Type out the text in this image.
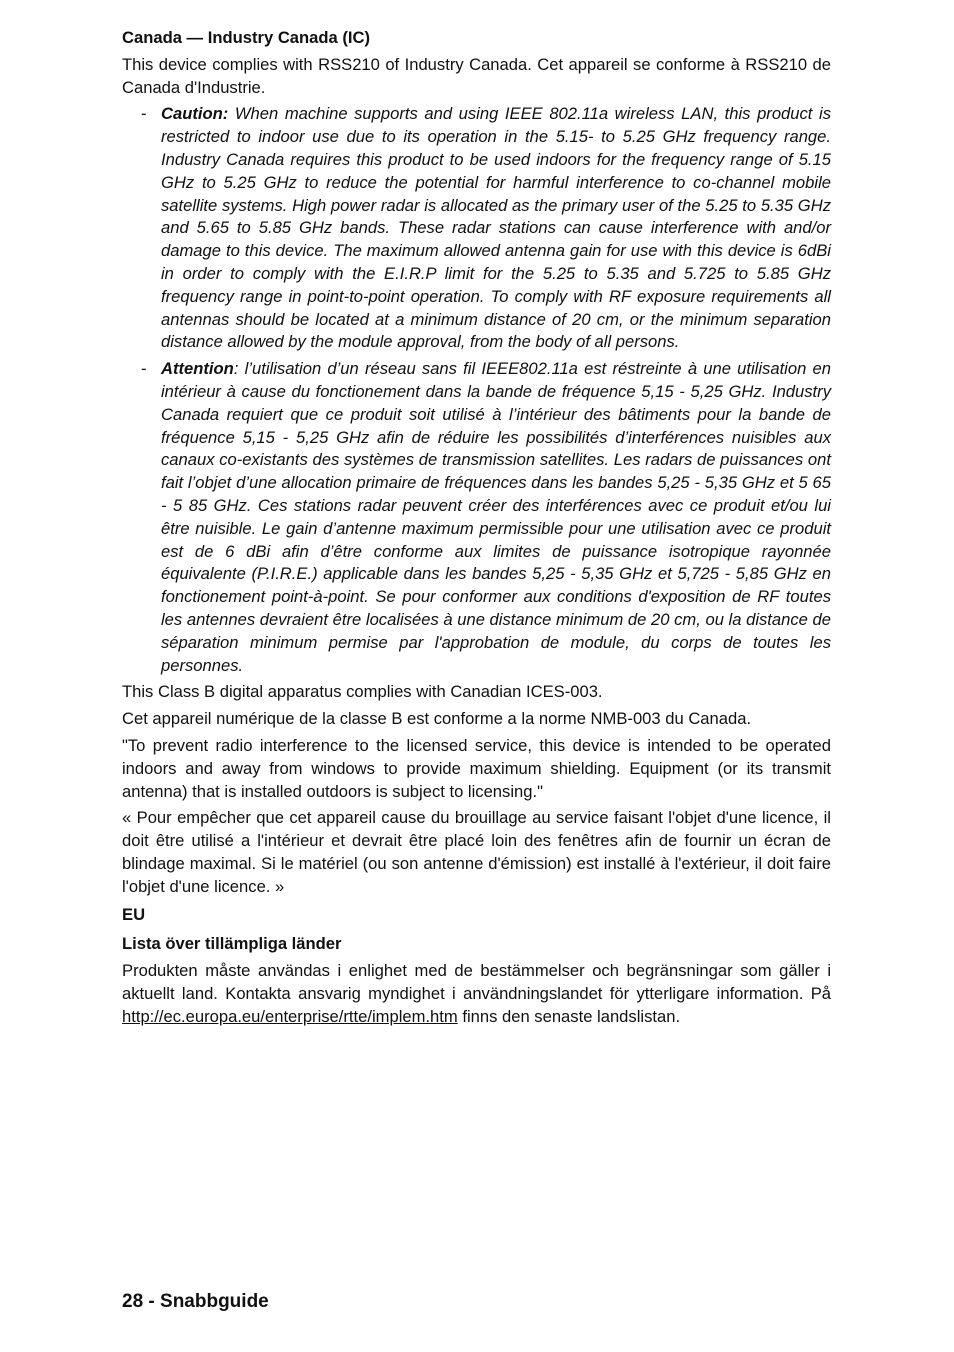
Canada — Industry Canada (IC)

This device complies with RSS210 of Industry Canada. Cet appareil se conforme à RSS210 de Canada d'Industrie.

- Caution: When machine supports and using IEEE 802.11a wireless LAN, this product is restricted to indoor use due to its operation in the 5.15- to 5.25 GHz frequency range. Industry Canada requires this product to be used indoors for the frequency range of 5.15 GHz to 5.25 GHz to reduce the potential for harmful interference to co-channel mobile satellite systems. High power radar is allocated as the primary user of the 5.25 to 5.35 GHz and 5.65 to 5.85 GHz bands. These radar stations can cause interference with and/or damage to this device. The maximum allowed antenna gain for use with this device is 6dBi in order to comply with the E.I.R.P limit for the 5.25 to 5.35 and 5.725 to 5.85 GHz frequency range in point-to-point operation. To comply with RF exposure requirements all antennas should be located at a minimum distance of 20 cm, or the minimum separation distance allowed by the module approval, from the body of all persons.
- Attention: l’utilisation d’un réseau sans fil IEEE802.11a est réstreinte à une utilisation en intérieur à cause du fonctionement dans la bande de fréquence 5,15 - 5,25 GHz. Industry Canada requiert que ce produit soit utilisé à l’intérieur des bâtiments pour la bande de fréquence 5,15 - 5,25 GHz afin de réduire les possibilités d’interférences nuisibles aux canaux co-existants des systèmes de transmission satellites. Les radars de puissances ont fait l’objet d’une allocation primaire de fréquences dans les bandes 5,25 - 5,35 GHz et 5 65 - 5 85 GHz. Ces stations radar peuvent créer des interférences avec ce produit et/ou lui être nuisible. Le gain d’antenne maximum permissible pour une utilisation avec ce produit est de 6 dBi afin d’être conforme aux limites de puissance isotropique rayonnée équivalente (P.I.R.E.) applicable dans les bandes 5,25 - 5,35 GHz et 5,725 - 5,85 GHz en fonctionement point-à-point. Se pour conformer aux conditions d'exposition de RF toutes les antennes devraient être localisées à une distance minimum de 20 cm, ou la distance de séparation minimum permise par l'approbation de module, du corps de toutes les personnes.

This Class B digital apparatus complies with Canadian ICES-003.

Cet appareil numérique de la classe B est conforme a la norme NMB-003 du Canada.

"To prevent radio interference to the licensed service, this device is intended to be operated indoors and away from windows to provide maximum shielding. Equipment (or its transmit antenna) that is installed outdoors is subject to licensing."

« Pour empêcher que cet appareil cause du brouillage au service faisant l'objet d'une licence, il doit être utilisé a l'intérieur et devrait être placé loin des fenêtres afin de fournir un écran de blindage maximal. Si le matériel (ou son antenne d'émission) est installé à l'extérieur, il doit faire l'objet d'une licence. »

EU
Lista över tillämpliga länder

Produkten måste användas i enlighet med de bestämmelser och begränsningar som gäller i aktuellt land. Kontakta ansvarig myndighet i användningslandet för ytterligare information. På http://ec.europa.eu/enterprise/rtte/implem.htm finns den senaste landslistan.

28 - Snabbguide
